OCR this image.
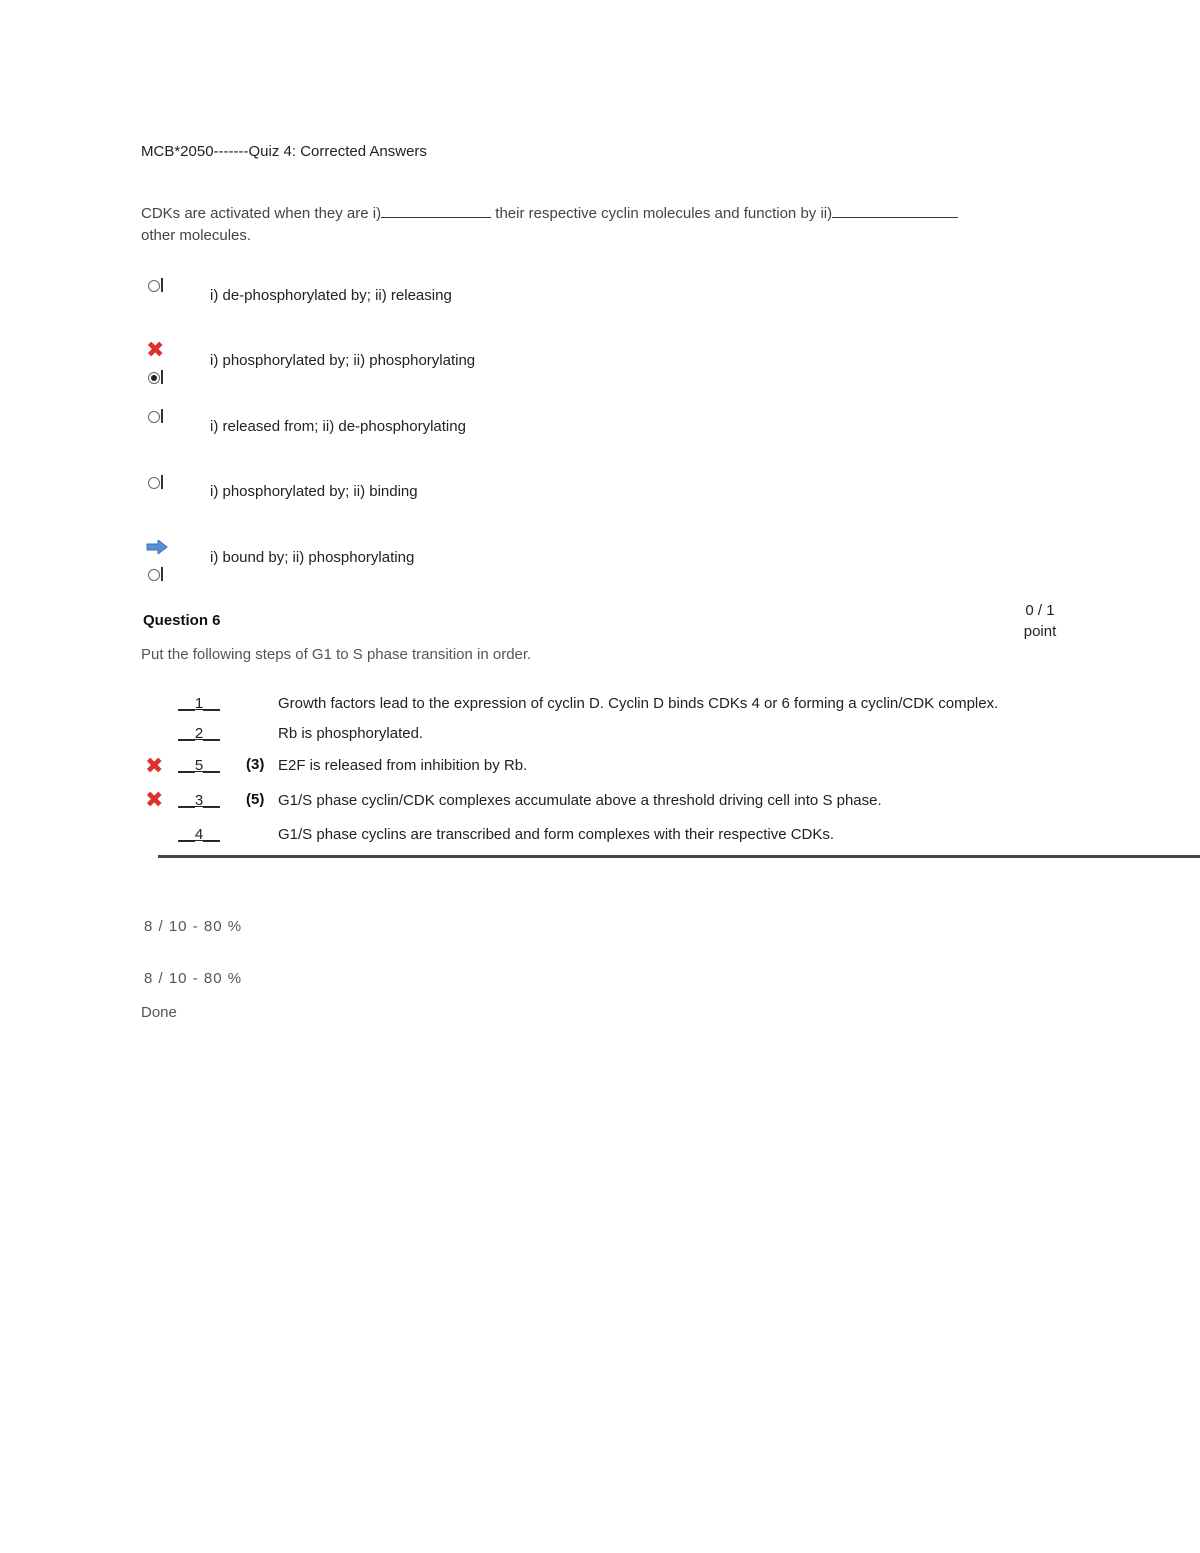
MCB*2050-------Quiz 4: Corrected Answers
CDKs are activated when they are i)	their respective cyclin molecules and function by ii)
other molecules.
i) de-phosphorylated by; ii) releasing
✖	i) phosphorylated by; ii) phosphorylating
i) released from; ii) de-phosphorylating
i) phosphorylated by; ii) binding
i) bound by; ii) phosphorylating
Question 6
0 / 1
point
Put the following steps of G1 to S phase transition in order.
__1__	Growth factors lead to the expression of cyclin D. Cyclin D binds CDKs 4 or 6 forming a cyclin/CDK complex.
__2__	Rb is phosphorylated.
✖ __5__ (3) E2F is released from inhibition by Rb.
✖ __3__ (5) G1/S phase cyclin/CDK complexes accumulate above a threshold driving cell into S phase.
__4__	G1/S phase cyclins are transcribed and form complexes with their respective CDKs.
8 / 10 - 80 %
8 / 10 - 80 %
Done
